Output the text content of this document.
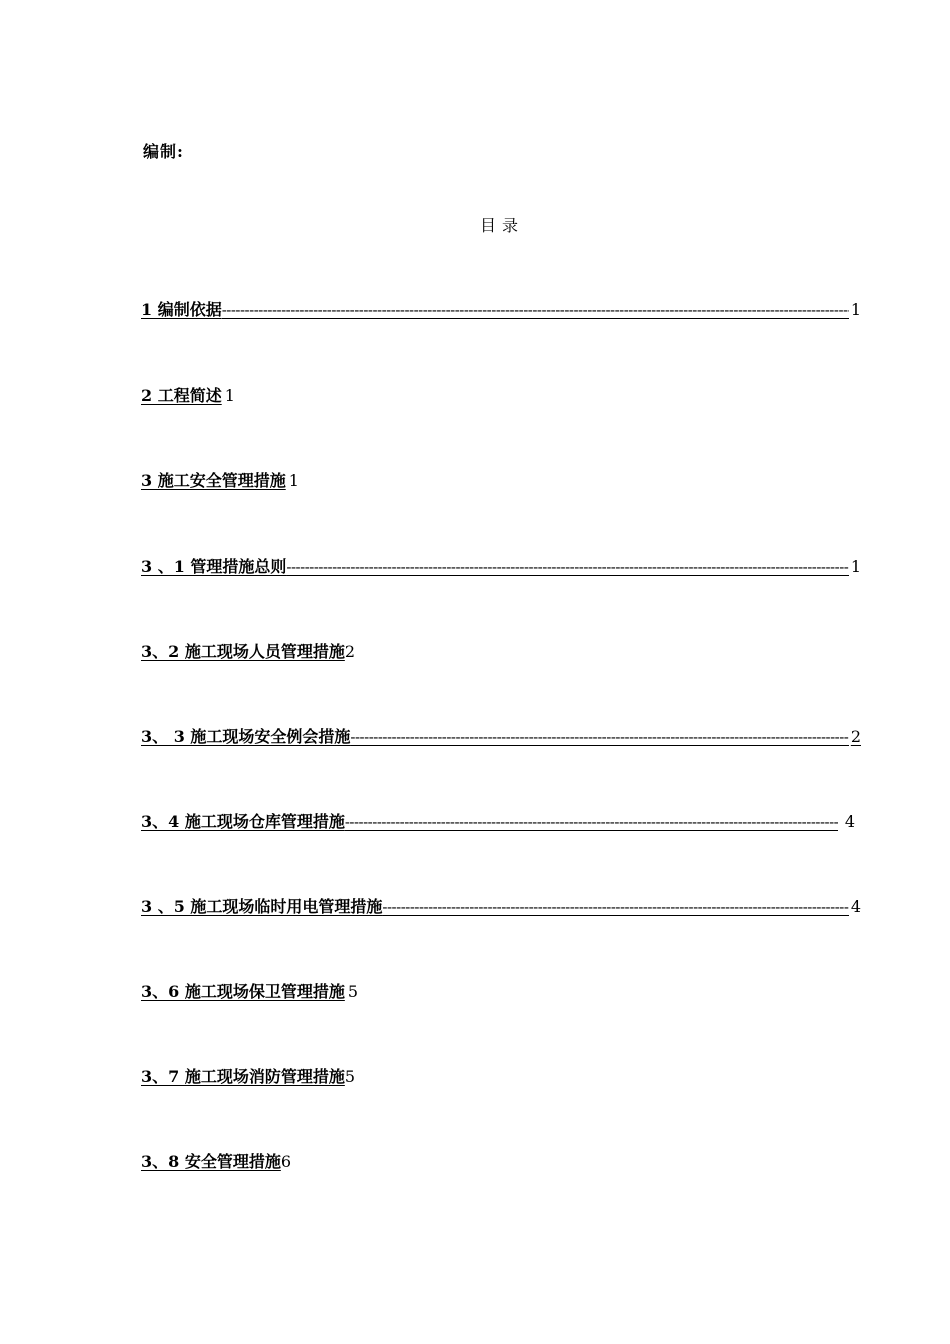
编制:
目录
1 编制依据 -----	1
2 工程简述 1
3 施工安全管理措施 1
3 、1 管理措施总则 -----	1
3、2 施工现场人员管理措施 2
3、 3 施工现场安全例会措施 -----	2
3、4 施工现场仓库管理措施 -----	4
3 、5 施工现场临时用电管理措施 -----	4
3、6 施工现场保卫管理措施 5
3、7 施工现场消防管理措施 5
3、8 安全管理措施 6
